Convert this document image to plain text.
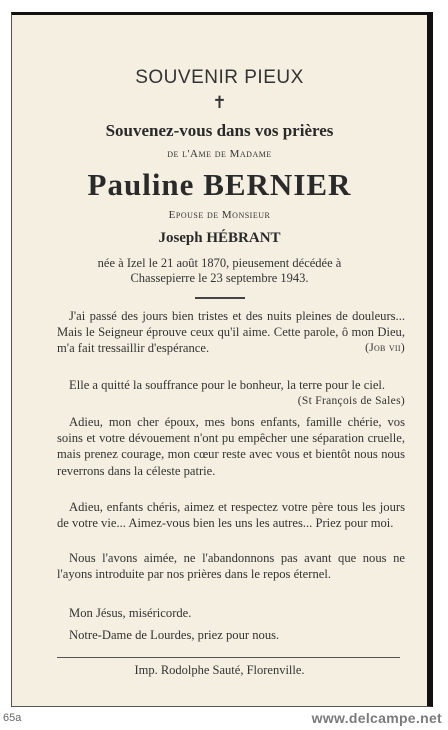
SOUVENIR PIEUX
✝
Souvenez-vous dans vos prières
de l'Ame de Madame
Pauline BERNIER
Epouse de Monsieur
Joseph HÉBRANT
née à Izel le 21 août 1870, pieusement décédée à
Chassepierre le 23 septembre 1943.
J'ai passé des jours bien tristes et des nuits pleines de douleurs... Mais le Seigneur éprouve ceux qu'il aime. Cette parole, ô mon Dieu, m'a fait tressaillir d'espérance.	(Job vii)
Elle a quitté la souffrance pour le bonheur, la terre pour le ciel.
(St François de Sales)
Adieu, mon cher époux, mes bons enfants, famille chérie, vos soins et votre dévouement n'ont pu empêcher une séparation cruelle, mais prenez courage, mon cœur reste avec vous et bientôt nous nous reverrons dans la céleste patrie.
Adieu, enfants chéris, aimez et respectez votre père tous les jours de votre vie... Aimez-vous bien les uns les autres... Priez pour moi.
Nous l'avons aimée, ne l'abandonnons pas avant que nous ne l'ayons introduite par nos prières dans le repos éternel.
Mon Jésus, miséricorde.
Notre-Dame de Lourdes, priez pour nous.
Imp. Rodolphe Sauté, Florenville.
65a	www.delcampe.net
